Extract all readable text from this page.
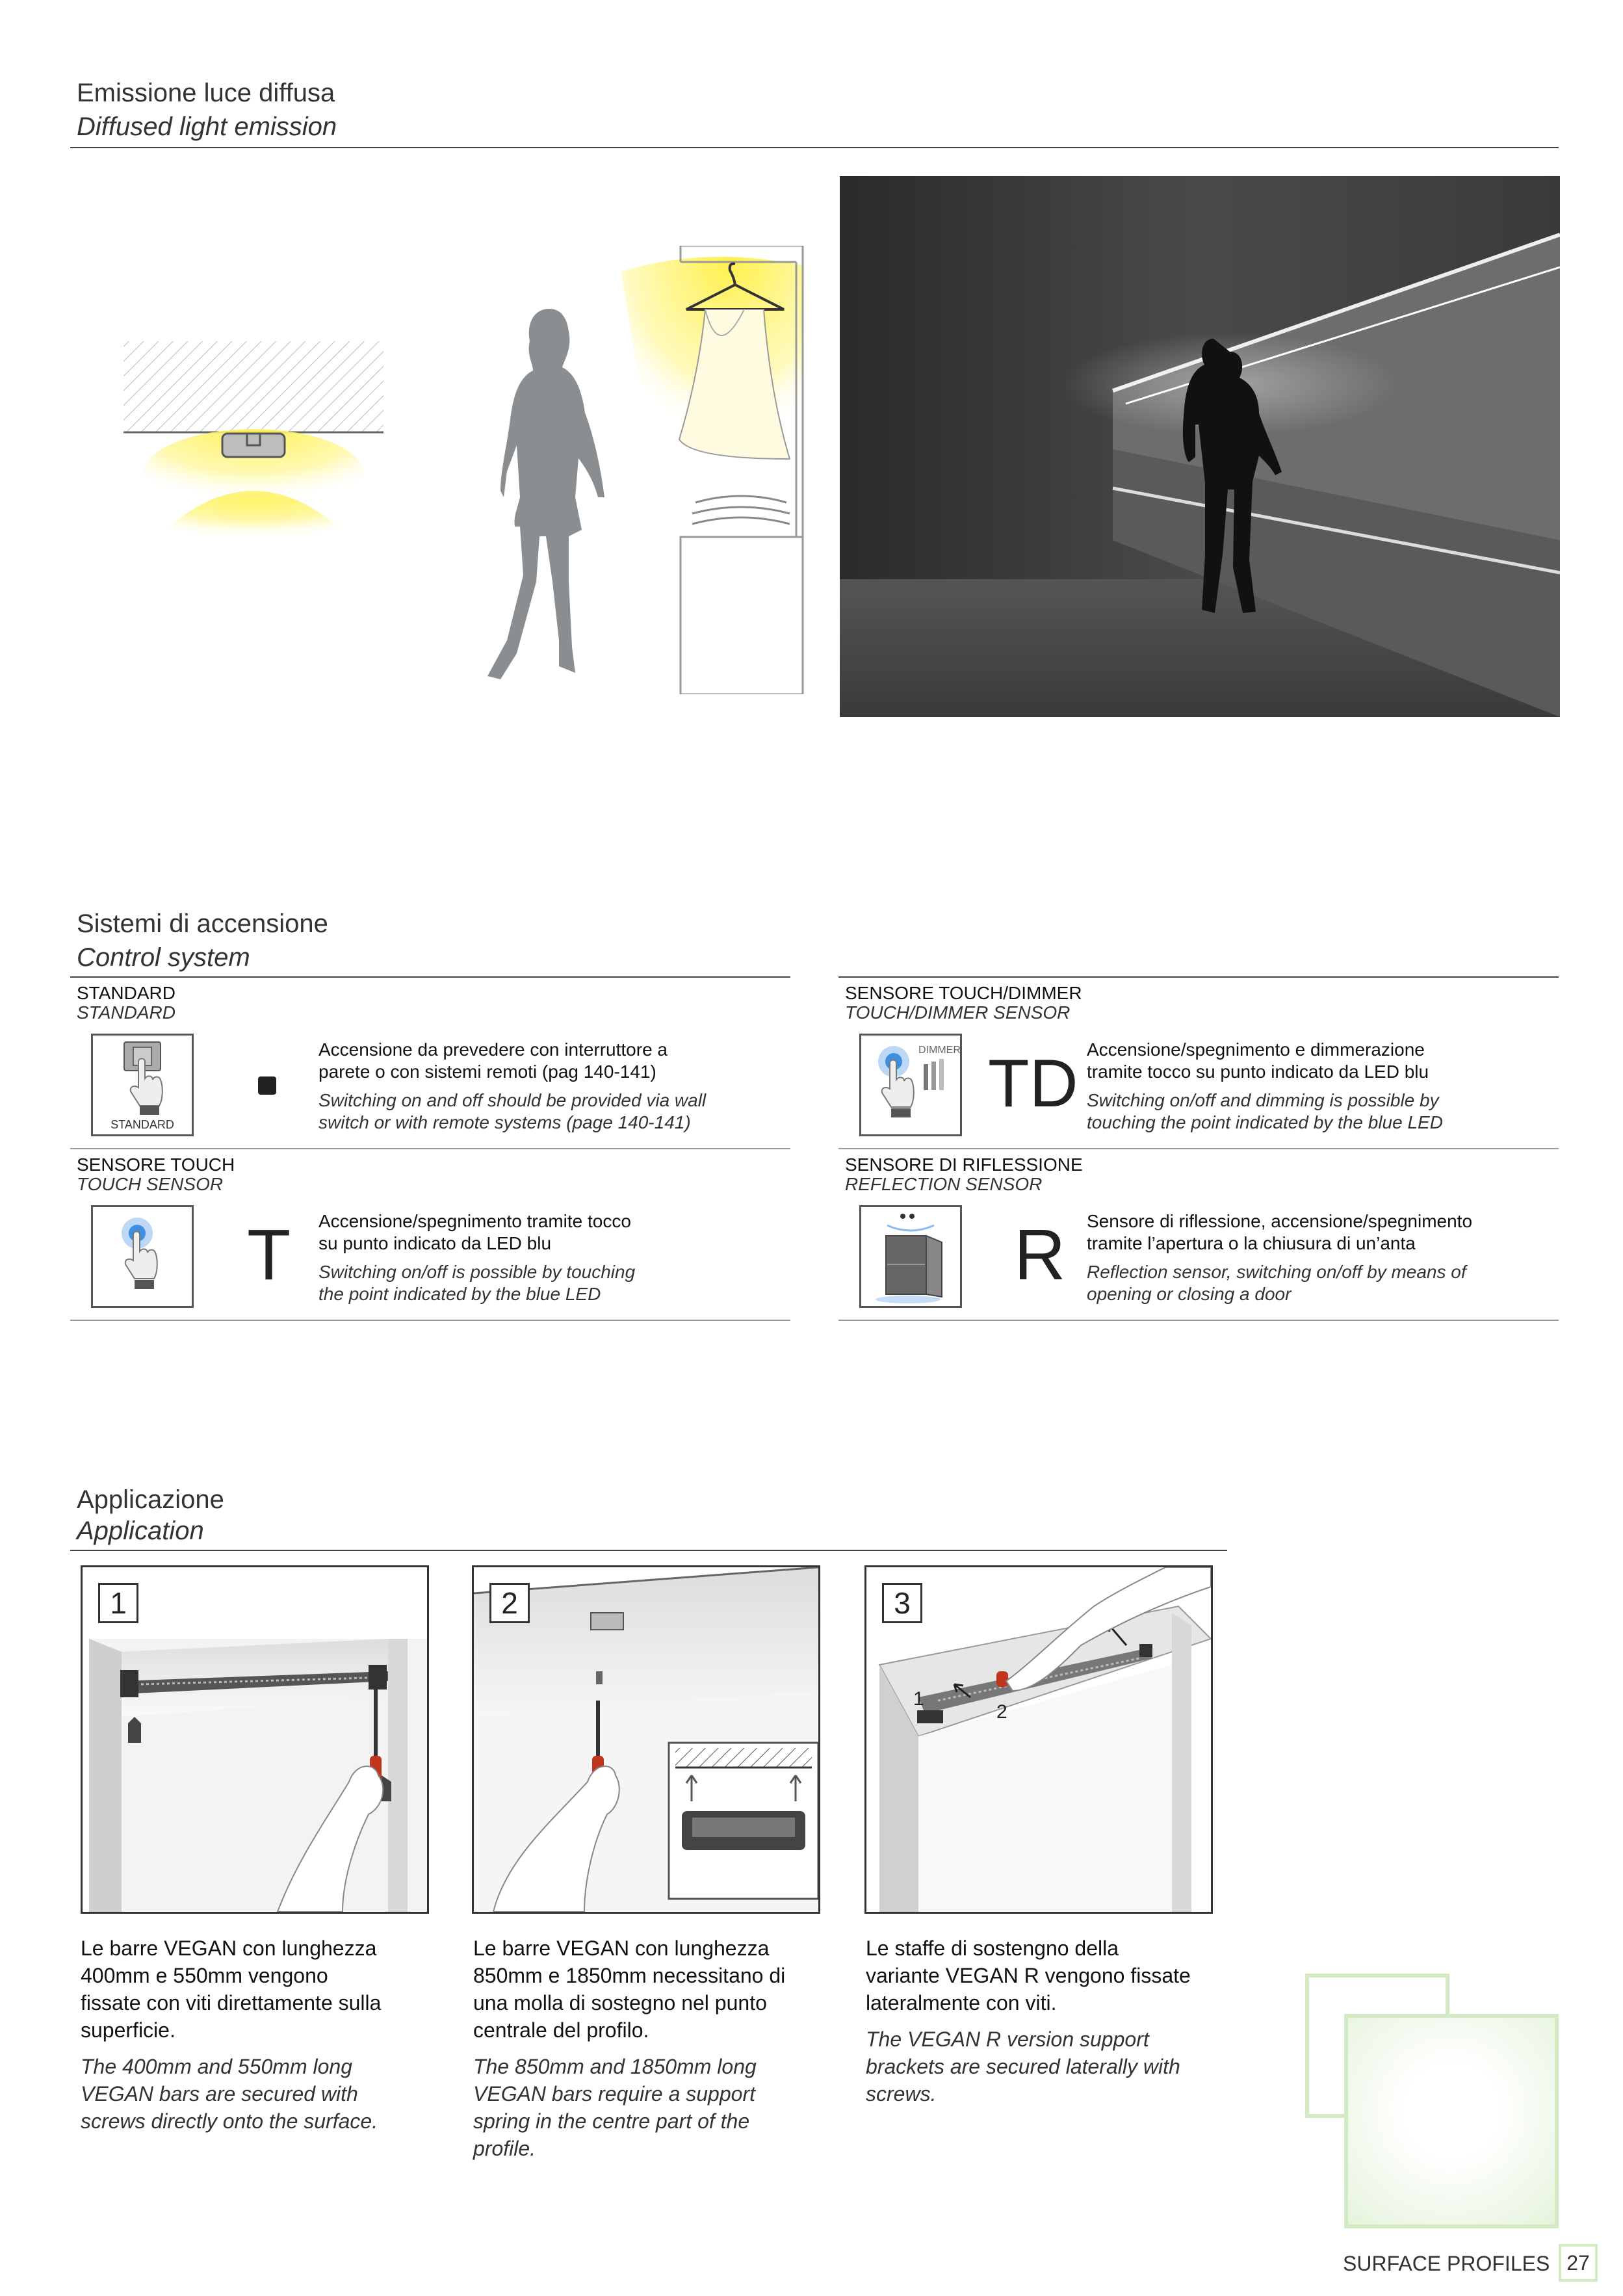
Emissione luce diffusa
Diffused light emission
Sistemi di accensione
Control system
STANDARD
STANDARD
STANDARD
Accensione da prevedere con interruttore a
parete o con sistemi remoti (pag 140-141)
Switching on and off should be provided via wall
switch or with remote systems (page 140-141)
SENSORE TOUCH/DIMMER
TOUCH/DIMMER SENSOR
DIMMER TD Accensione/spegnimento e dimmerazione
tramite tocco su punto indicato da LED blu
Switching on/off and dimming is possible by
touching the point indicated by the blue LED
SENSORE TOUCH
TOUCH SENSOR
T Accensione/spegnimento tramite tocco
su punto indicato da LED blu
Switching on/off is possible by touching
the point indicated by the blue LED
SENSORE DI RIFLESSIONE
REFLECTION SENSOR
R Sensore di riflessione, accensione/spegnimento
tramite l’apertura o la chiusura di un’anta
Reflection sensor, switching on/off by means of
opening or closing a door
Applicazione
Application
1	2	3
1
2
Le barre VEGAN con lunghezza
400mm e 550mm vengono
fissate con viti direttamente sulla
superficie.
The 400mm and 550mm long
VEGAN bars are secured with
screws directly onto the surface.
Le barre VEGAN con lunghezza
850mm e 1850mm necessitano di
una molla di sostegno nel punto
centrale del profilo.
The 850mm and 1850mm long
VEGAN bars require a support
spring in the centre part of the
profile.
Le staffe di sostengno della
variante VEGAN R vengono fissate
lateralmente con viti.
The VEGAN R version support
brackets are secured laterally with
screws.
SURFACE PROFILES 27
